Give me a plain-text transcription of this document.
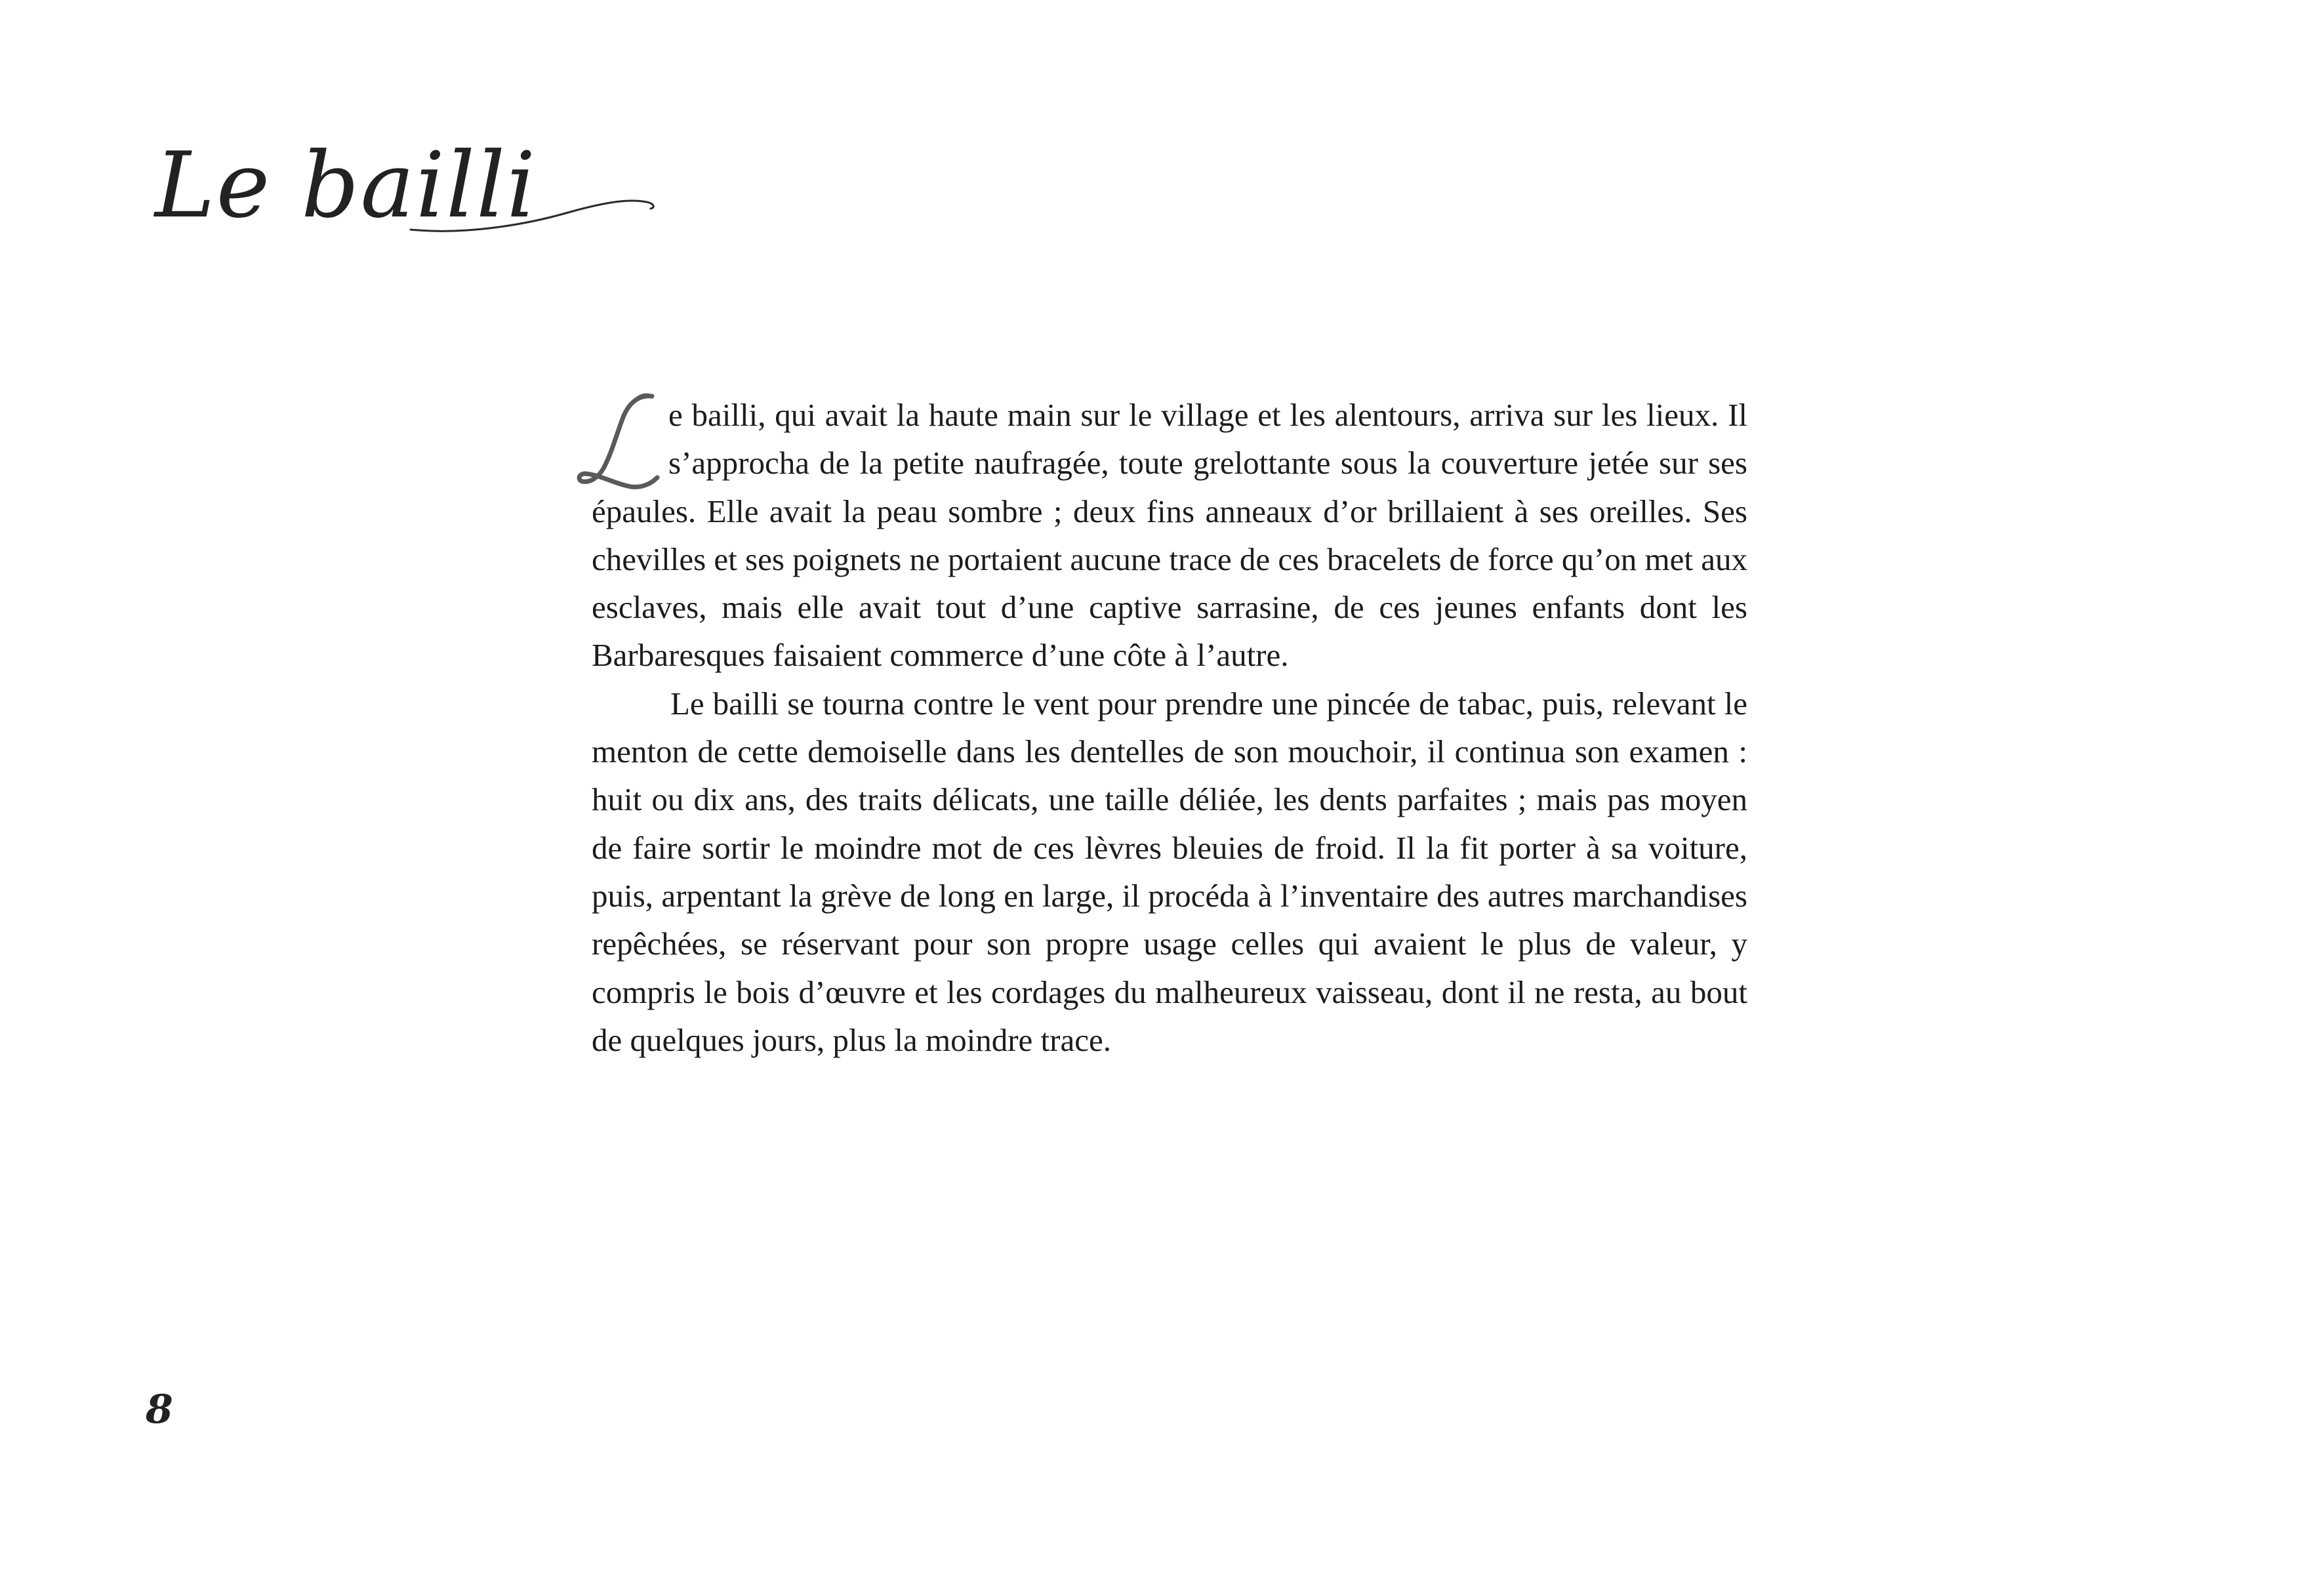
Le bailli

e bailli, qui avait la haute main sur le village et les alentours, arriva sur les lieux. Il s’approcha de la petite naufragée, toute grelottante sous la couverture jetée sur ses épaules. Elle avait la peau sombre ; deux fins anneaux d’or brillaient à ses oreilles. Ses chevilles et ses poignets ne portaient aucune trace de ces bracelets de force qu’on met aux esclaves, mais elle avait tout d’une captive sarrasine, de ces jeunes enfants dont les Barbaresques faisaient commerce d’une côte à l’autre.

Le bailli se tourna contre le vent pour prendre une pincée de tabac, puis, relevant le menton de cette demoiselle dans les dentelles de son mouchoir, il continua son examen : huit ou dix ans, des traits délicats, une taille déliée, les dents parfaites ; mais pas moyen de faire sortir le moindre mot de ces lèvres bleuies de froid. Il la fit porter à sa voiture, puis, arpentant la grève de long en large, il procéda à l’inventaire des autres marchandises repêchées, se réservant pour son propre usage celles qui avaient le plus de valeur, y compris le bois d’œuvre et les cordages du malheureux vaisseau, dont il ne resta, au bout de quelques jours, plus la moindre trace.

8
